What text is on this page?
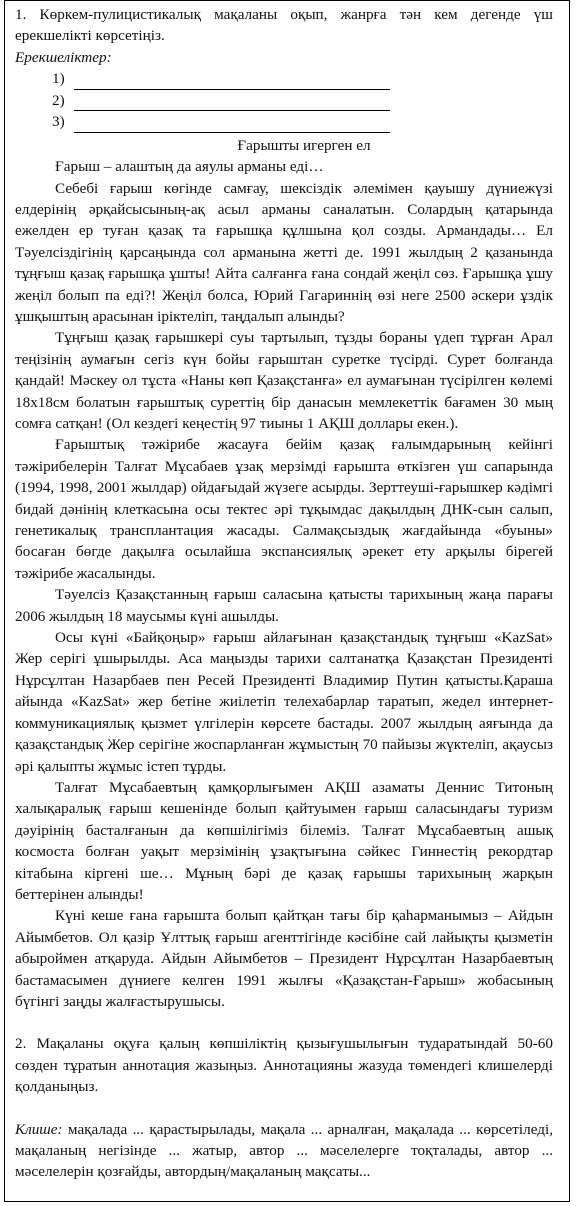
1. Көркем-пулицистикалық мақаланы оқып, жанрға тән кем дегенде үш ерекшелікті көрсетіңіз.

Ерекшеліктер:

1)
2)
3)

Ғарышты игерген ел

Ғарыш – алаштың да аяулы арманы еді…

Себебі ғарыш көгінде самғау, шексіздік әлемімен қауышу дүниежүзі елдерінің әрқайсысының-ақ асыл арманы саналатын. Солардың қатарында ежелден ер туған қазақ та ғарышқа құлшына қол созды. Армандады… Ел Тәуелсіздігінің қарсаңында сол арманына жетті де. 1991 жылдың 2 қазанында тұңғыш қазақ ғарышқа ұшты! Айта салғанға ғана сондай жеңіл сөз. Ғарышқа ұшу жеңіл болып па еді?! Жеңіл болса, Юрий Гагариннің өзі неге 2500 әскери ұздік ұшқыштың арасынан іріктеліп, таңдалып алынды?

Тұңғыш қазақ ғарышкері суы тартылып, тұзды бораны үдеп тұрған Арал теңізінің аумағын сегіз күн бойы ғарыштан суретке түсірді. Сурет болғанда қандай! Мәскеу ол тұста «Наны көп Қазақстанға» ел аумағынан түсірілген көлемі 18х18см болатын ғарыштық суреттің бір данасын мемлекеттік бағамен 30 мың сомға сатқан! (Ол кездегі кеңестің 97 тиыны 1 АҚШ доллары екен.).

Ғарыштық тәжірибе жасауға бейім қазақ ғалымдарының кейінгі тәжірибелерін Талғат Мұсабаев ұзақ мерзімді ғарышта өткізген үш сапарында (1994, 1998, 2001 жылдар) ойдағыдай жүзеге асырды. Зерттеуші-ғарышкер кәдімгі бидай дәнінің клеткасына осы тектес әрі тұқымдас дақылдың ДНК-сын салып, генетикалық трансплантация жасады. Салмақсыздық жағдайында «буыны» босаған бөгде дақылға осылайша экспансиялық әрекет ету арқылы бірегей тәжірибе жасалынды.

Тәуелсіз Қазақстанның ғарыш саласына қатысты тарихының жаңа парағы 2006 жылдың 18 маусымы күні ашылды.

Осы күні «Байқоңыр» ғарыш айлағынан қазақстандық тұңғыш «KazSat» Жер серігі ұшырылды. Аса маңызды тарихи салтанатқа Қазақстан Президенті Нұрсұлтан Назарбаев пен Ресей Президенті Владимир Путин қатысты.Қараша айында «KazSat» жер бетіне жиілетіп телехабарлар таратып, жедел интернет-коммуникациялық қызмет үлгілерін көрсете бастады. 2007 жылдың аяғында да қазақстандық Жер серігіне жоспарланған жұмыстың 70 пайызы жүктеліп, ақаусыз әрі қалыпты жұмыс істеп тұрды.

Талғат Мұсабаевтың қамқорлығымен АҚШ азаматы Деннис Титоның халықаралық ғарыш кешенінде болып қайтуымен ғарыш саласындағы туризм дәуірінің басталғанын да көпшілігіміз білеміз. Талғат Мұсабаевтың ашық космоста болған уақыт мерзімінің ұзақтығына сәйкес Гиннестің рекордтар кітабына кіргені ше… Мұның бәрі де қазақ ғарышы тарихының жарқын беттерінен алынды!

Күні кеше ғана ғарышта болып қайтқан тағы бір қаһарманымыз – Айдын Айымбетов. Ол қазір Ұлттық ғарыш агенттігінде кәсібіне сай лайықты қызметін абыроймен атқаруда. Айдын Айымбетов – Президент Нұрсұлтан Назарбаевтың бастамасымен дүниеге келген 1991 жылғы «Қазақстан-Ғарыш» жобасының бүгінгі заңды жалғастырушысы.

2. Мақаланы оқуға қалың көпшіліктің қызығушылығын тударатындай 50-60 сөзден тұратын аннотация жазыңыз. Аннотацияны жазуда төмендегі клишелерді қолданыңыз.

Клише: мақалада ... қарастырылады, мақала ... арналған, мақалада ... көрсетіледі, мақаланың негізінде ... жатыр, автор ... мәселелерге тоқталады, автор ... мәселелерін қозғайды, автордың/мақаланың мақсаты...
